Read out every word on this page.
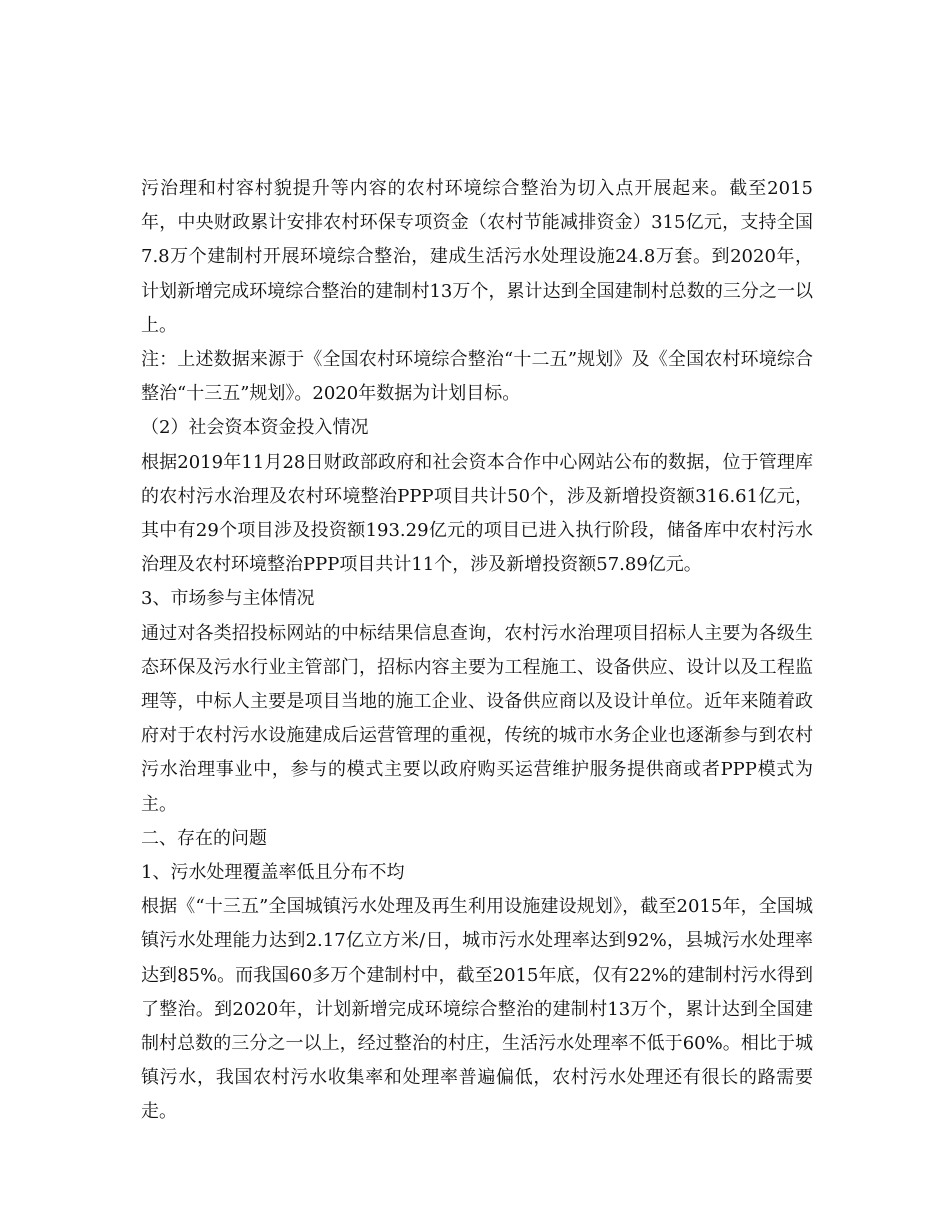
污治理和村容村貌提升等内容的农村环境综合整治为切入点开展起来。截至2015年，中央财政累计安排农村环保专项资金（农村节能减排资金）315亿元，支持全国7.8万个建制村开展环境综合整治，建成生活污水处理设施24.8万套。到2020年，计划新增完成环境综合整治的建制村13万个，累计达到全国建制村总数的三分之一以上。

注：上述数据来源于《全国农村环境综合整治“十二五”规划》及《全国农村环境综合整治“十三五”规划》。2020年数据为计划目标。

（2）社会资本资金投入情况

根据2019年11月28日财政部政府和社会资本合作中心网站公布的数据，位于管理库的农村污水治理及农村环境整治PPP项目共计50个，涉及新增投资额316.61亿元，其中有29个项目涉及投资额193.29亿元的项目已进入执行阶段，储备库中农村污水治理及农村环境整治PPP项目共计11个，涉及新增投资额57.89亿元。

3、市场参与主体情况

通过对各类招投标网站的中标结果信息查询，农村污水治理项目招标人主要为各级生态环保及污水行业主管部门，招标内容主要为工程施工、设备供应、设计以及工程监理等，中标人主要是项目当地的施工企业、设备供应商以及设计单位。近年来随着政府对于农村污水设施建成后运营管理的重视，传统的城市水务企业也逐渐参与到农村污水治理事业中，参与的模式主要以政府购买运营维护服务提供商或者PPP模式为主。

二、存在的问题

1、污水处理覆盖率低且分布不均

根据《“十三五”全国城镇污水处理及再生利用设施建设规划》，截至2015年，全国城镇污水处理能力达到2.17亿立方米/日，城市污水处理率达到92%，县城污水处理率达到85%。而我国60多万个建制村中，截至2015年底，仅有22%的建制村污水得到了整治。到2020年，计划新增完成环境综合整治的建制村13万个，累计达到全国建制村总数的三分之一以上，经过整治的村庄，生活污水处理率不低于60%。相比于城镇污水，我国农村污水收集率和处理率普遍偏低，农村污水处理还有很长的路需要走。
